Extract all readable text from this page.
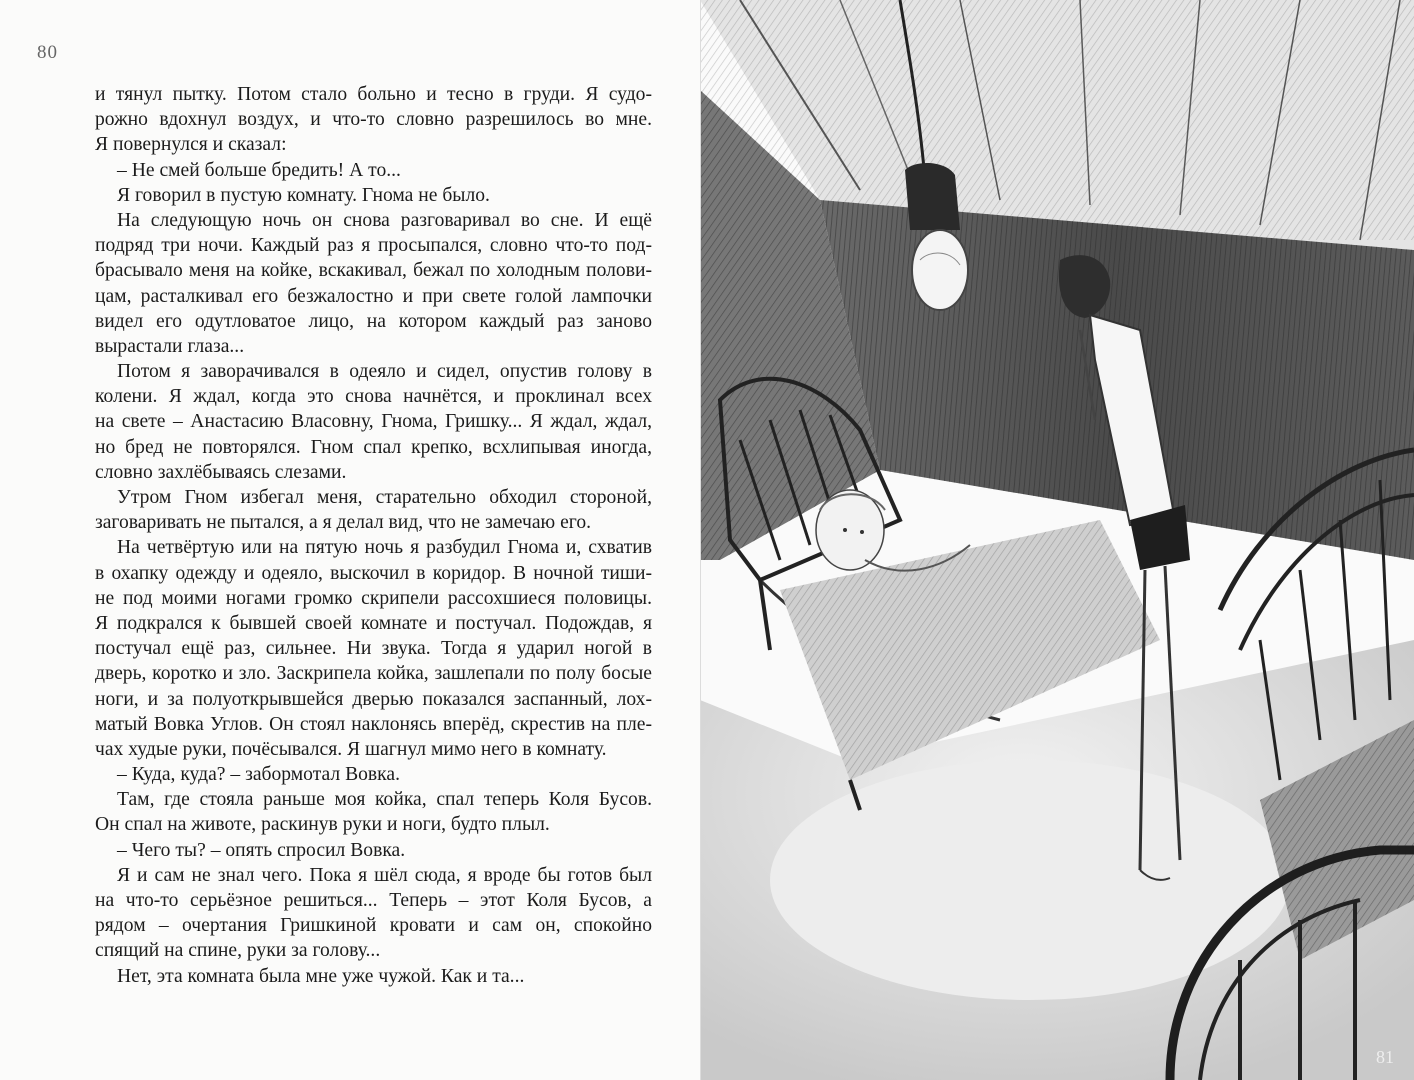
80
и тянул пытку. Потом стало больно и тесно в груди. Я судо-
рожно вдохнул воздух, и что-то словно разрешилось во мне.
Я повернулся и сказал:
– Не смей больше бредить! А то...
Я говорил в пустую комнату. Гнома не было.
На следующую ночь он снова разговаривал во сне. И ещё
подряд три ночи. Каждый раз я просыпался, словно что-то под-
брасывало меня на койке, вскакивал, бежал по холодным полови-
цам, расталкивал его безжалостно и при свете голой лампочки
видел его одутловатое лицо, на котором каждый раз заново
вырастали глаза...
Потом я заворачивался в одеяло и сидел, опустив голову в
колени. Я ждал, когда это снова начнётся, и проклинал всех
на свете – Анастасию Власовну, Гнома, Гришку... Я ждал, ждал,
но бред не повторялся. Гном спал крепко, всхлипывая иногда,
словно захлёбываясь слезами.
Утром Гном избегал меня, старательно обходил стороной,
заговаривать не пытался, а я делал вид, что не замечаю его.
На четвёртую или на пятую ночь я разбудил Гнома и, схватив
в охапку одежду и одеяло, выскочил в коридор. В ночной тиши-
не под моими ногами громко скрипели рассохшиеся половицы.
Я подкрался к бывшей своей комнате и постучал. Подождав, я
постучал ещё раз, сильнее. Ни звука. Тогда я ударил ногой в
дверь, коротко и зло. Заскрипела койка, зашлепали по полу босые
ноги, и за полуоткрывшейся дверью показался заспанный, лох-
матый Вовка Углов. Он стоял наклонясь вперёд, скрестив на пле-
чах худые руки, почёсывался. Я шагнул мимо него в комнату.
– Куда, куда? – забормотал Вовка.
Там, где стояла раньше моя койка, спал теперь Коля Бусов.
Он спал на животе, раскинув руки и ноги, будто плыл.
– Чего ты? – опять спросил Вовка.
Я и сам не знал чего. Пока я шёл сюда, я вроде бы готов был
на что-то серьёзное решиться... Теперь – этот Коля Бусов, а
рядом – очертания Гришкиной кровати и сам он, спокойно
спящий на спине, руки за голову...
Нет, эта комната была мне уже чужой. Как и та...
81
